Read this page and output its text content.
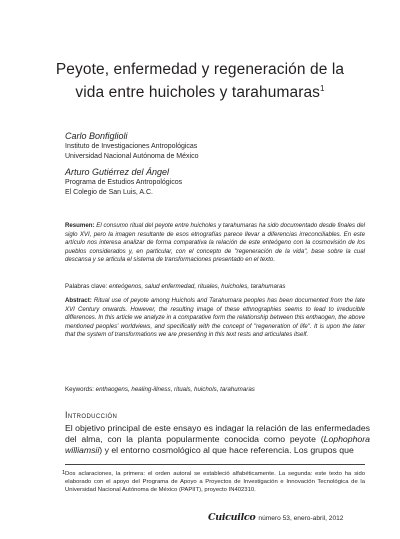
Peyote, enfermedad y regeneración de la vida entre huicholes y tarahumaras$^1$
Carlo Bonfiglioli
Instituto de Investigaciones Antropológicas
Universidad Nacional Autónoma de México
Arturo Gutiérrez del Ángel
Programa de Estudios Antropológicos
El Colegio de San Luis, A.C.
Resumen: El consumo ritual del peyote entre huicholes y tarahumaras ha sido documentado desde finales del siglo XVI, pero la imagen resultante de esos etnografías parece llevar a diferencias irreconciliables. En este artículo nos interesa analizar de forma comparativa la relación de este enteógeno con la cosmovisión de los pueblos considerados y, en particular, con el concepto de "regeneración de la vida", base sobre la cual descansa y se articula el sistema de transformaciones presentado en el texto.
Palabras clave: enteógenos, salud enfermedad, rituales, huicholes, tarahumaras
Abstract: Ritual use of peyote among Huichols and Tarahumara peoples has been documented from the late XVI Century onwards. However, the resulting image of these ethnographies seems to lead to irreducible differences. In this article we analyze in a comparative form the relationship between this enthaogen, the above mentioned peoples' worldviews, and specifically with the concept of "regeneration of life". It is upon the later that the system of transformations we are presenting in this text rests and articulates itself.
Keywords: enthaogens, healing-illness, rituals, huichols, tarahumaras
Introducción
El objetivo principal de este ensayo es indagar la relación de las enfermedades del alma, con la planta popularmente conocida como peyote (Lophophora williamsii) y el entorno cosmológico al que hace referencia. Los grupos que
1 Dos aclaraciones, la primera: el orden autoral se estableció alfabéticamente. La segunda: este texto ha sido elaborado con el apoyo del Programa de Apoyo a Proyectos de Investigación e Innovación Tecnológica de la Universidad Nacional Autónoma de México (PAPIIT), proyecto IN402310.
Cuicuilco número 53, enero-abril, 2012
